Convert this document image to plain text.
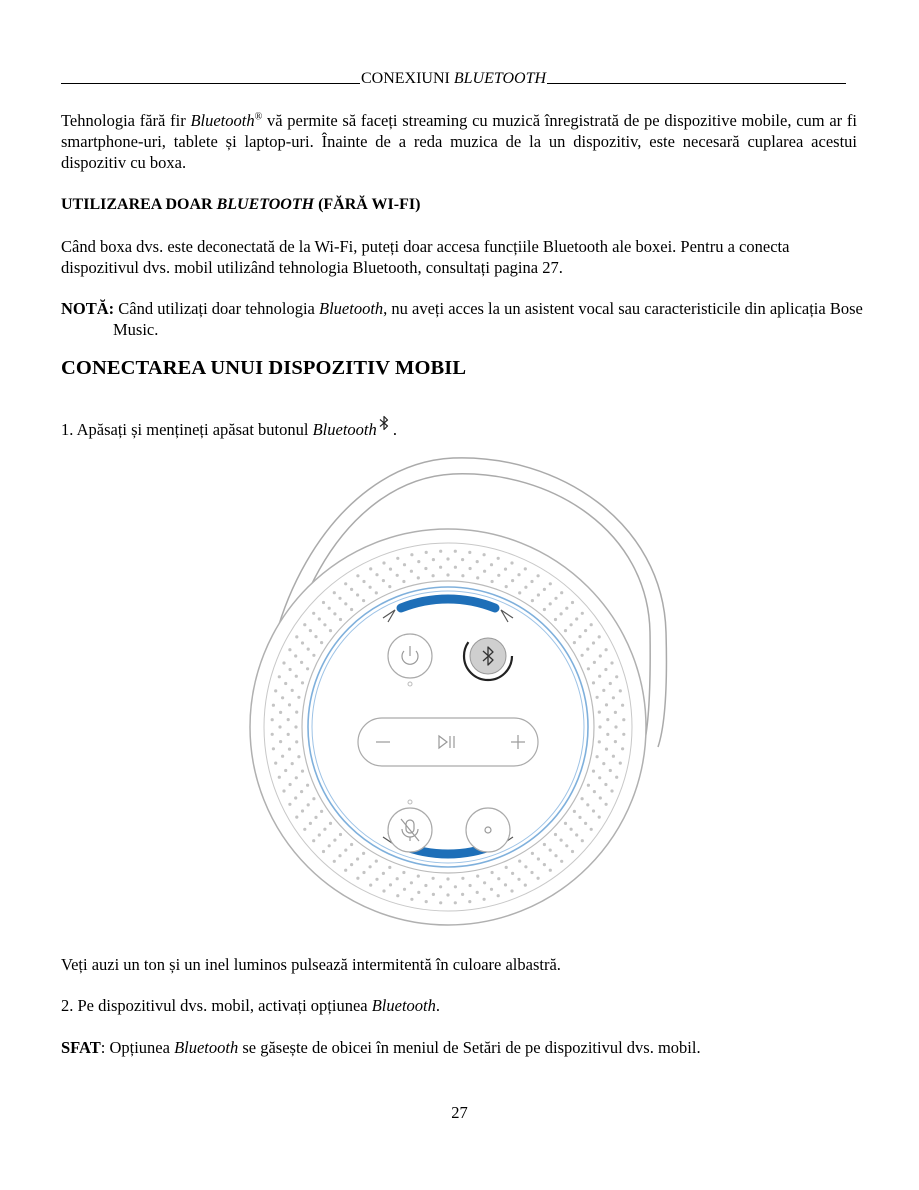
CONEXIUNI BLUETOOTH
Tehnologia fără fir Bluetooth® vă permite să faceți streaming cu muzică înregistrată de pe dispozitive mobile, cum ar fi smartphone-uri, tablete și laptop-uri. Înainte de a reda muzica de la un dispozitiv, este necesară cuplarea acestui dispozitiv cu boxa.
UTILIZAREA DOAR BLUETOOTH (FĂRĂ WI-FI)
Când boxa dvs. este deconectată de la Wi-Fi, puteți doar accesa funcțiile Bluetooth ale boxei. Pentru a conecta dispozitivul dvs. mobil utilizând tehnologia Bluetooth, consultați pagina 27.
NOTĂ: Când utilizați doar tehnologia Bluetooth, nu aveți acces la un asistent vocal sau caracteristicile din aplicația Bose Music.
CONECTAREA UNUI DISPOZITIV MOBIL
1. Apăsați și mențineți apăsat butonul Bluetooth .
Veți auzi un ton și un inel luminos pulsează intermitentă în culoare albastră.
2. Pe dispozitivul dvs. mobil, activați opțiunea Bluetooth.
SFAT: Opțiunea Bluetooth se găsește de obicei în meniul de Setări de pe dispozitivul dvs. mobil.
27
